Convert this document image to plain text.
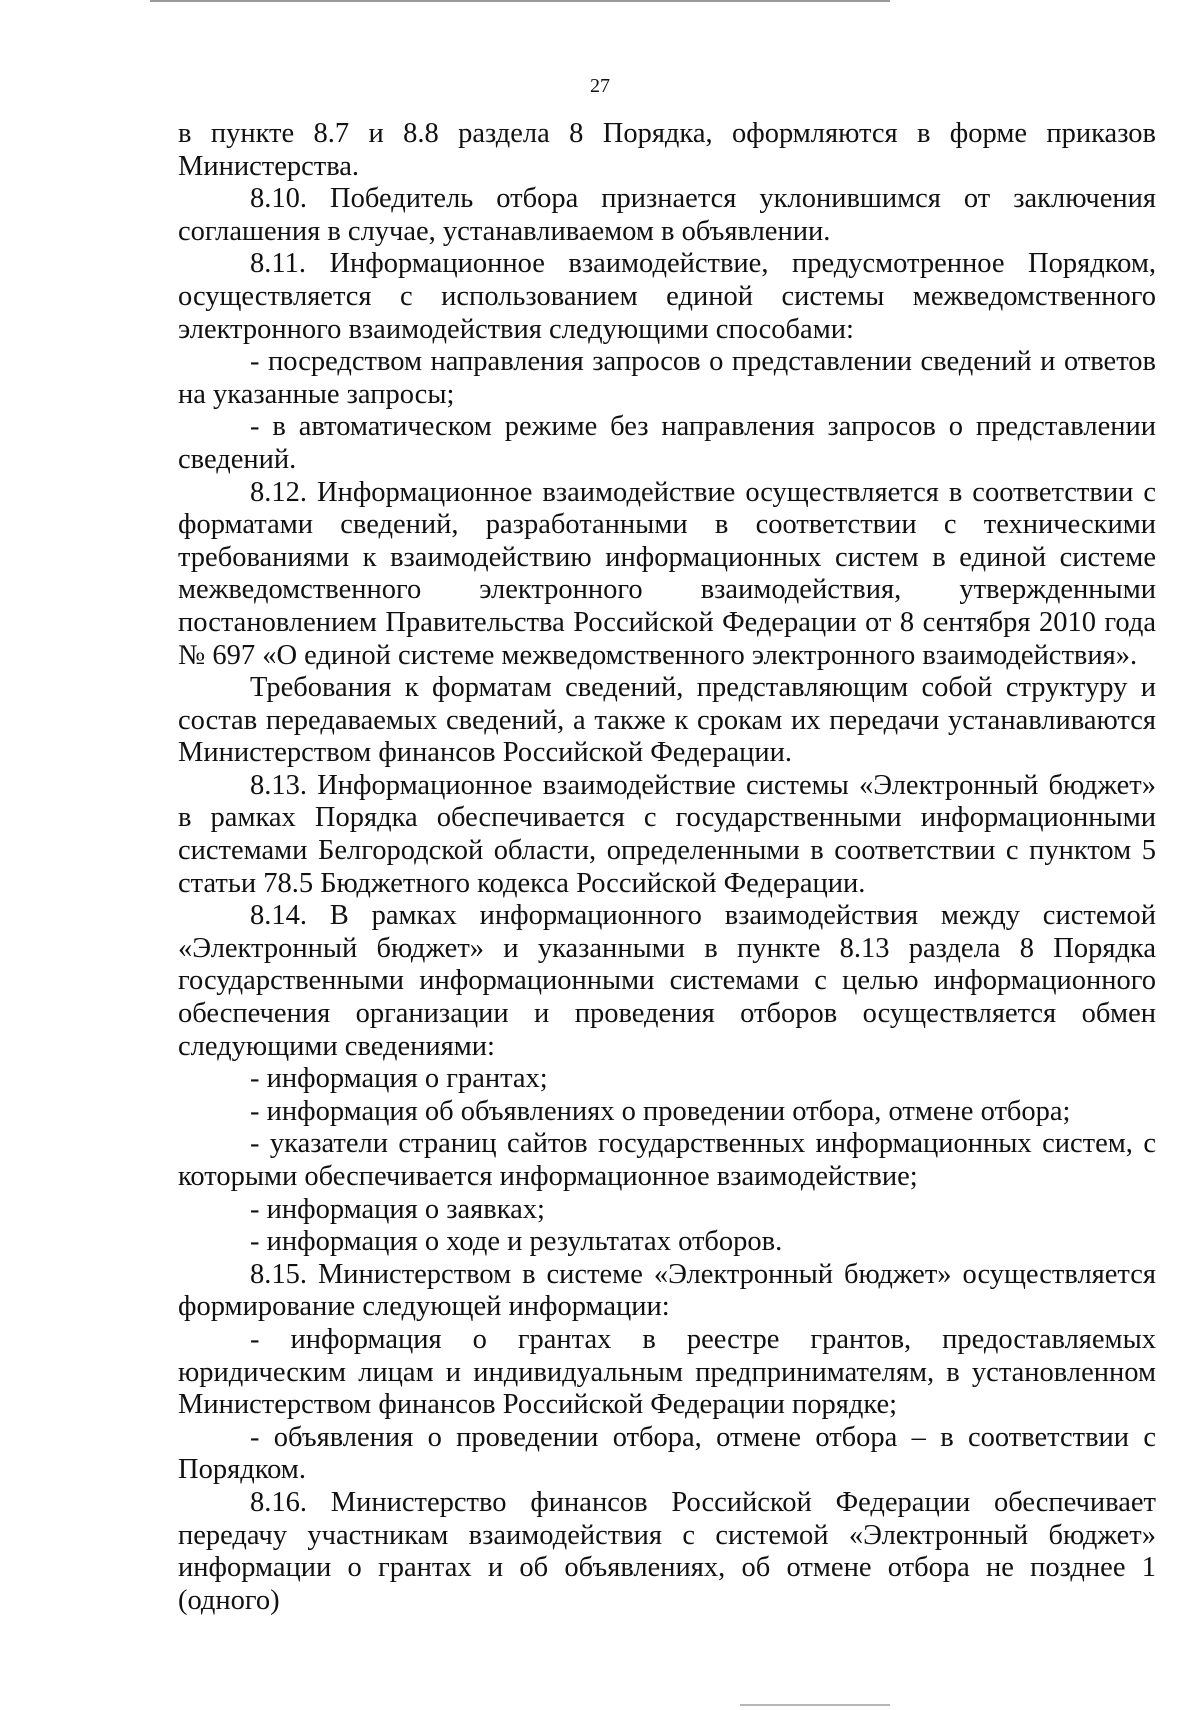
27

в пункте 8.7 и 8.8 раздела 8 Порядка, оформляются в форме приказов Министерства.

8.10. Победитель отбора признается уклонившимся от заключения соглашения в случае, устанавливаемом в объявлении.

8.11. Информационное взаимодействие, предусмотренное Порядком, осуществляется с использованием единой системы межведомственного электронного взаимодействия следующими способами:

- посредством направления запросов о представлении сведений и ответов на указанные запросы;

- в автоматическом режиме без направления запросов о представлении сведений.

8.12. Информационное взаимодействие осуществляется в соответствии с форматами сведений, разработанными в соответствии с техническими требованиями к взаимодействию информационных систем в единой системе межведомственного электронного взаимодействия, утвержденными постановлением Правительства Российской Федерации от 8 сентября 2010 года № 697 «О единой системе межведомственного электронного взаимодействия».

Требования к форматам сведений, представляющим собой структуру и состав передаваемых сведений, а также к срокам их передачи устанавливаются Министерством финансов Российской Федерации.

8.13. Информационное взаимодействие системы «Электронный бюджет» в рамках Порядка обеспечивается с государственными информационными системами Белгородской области, определенными в соответствии с пунктом 5 статьи 78.5 Бюджетного кодекса Российской Федерации.

8.14. В рамках информационного взаимодействия между системой «Электронный бюджет» и указанными в пункте 8.13 раздела 8 Порядка государственными информационными системами с целью информационного обеспечения организации и проведения отборов осуществляется обмен следующими сведениями:

- информация о грантах;

- информация об объявлениях о проведении отбора, отмене отбора;

- указатели страниц сайтов государственных информационных систем, с которыми обеспечивается информационное взаимодействие;

- информация о заявках;

- информация о ходе и результатах отборов.

8.15. Министерством в системе «Электронный бюджет» осуществляется формирование следующей информации:

- информация о грантах в реестре грантов, предоставляемых юридическим лицам и индивидуальным предпринимателям, в установленном Министерством финансов Российской Федерации порядке;

- объявления о проведении отбора, отмене отбора – в соответствии с Порядком.

8.16. Министерство финансов Российской Федерации обеспечивает передачу участникам взаимодействия с системой «Электронный бюджет» информации о грантах и об объявлениях, об отмене отбора не позднее 1 (одного)
